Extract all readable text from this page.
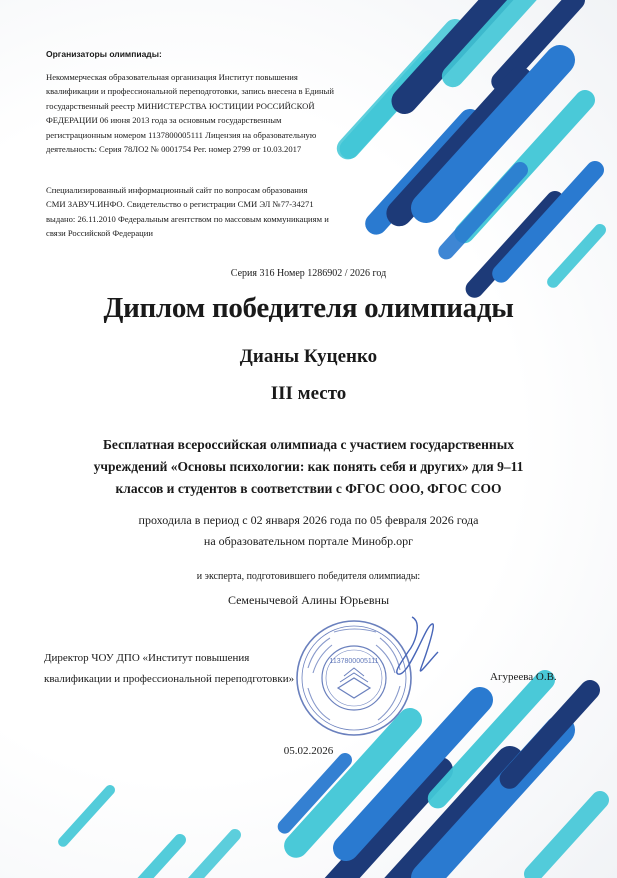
Организаторы олимпиады:
Некоммерческая образовательная организация Институт повышения
квалификации и профессиональной переподготовки, запись внесена в Единый
государственный реестр МИНИСТЕРСТВА ЮСТИЦИИ РОССИЙСКОЙ
ФЕДЕРАЦИИ 06 июня 2013 года за основным государственным
регистрационным номером 1137800005111 Лицензия на образовательную
деятельность: Серия 78ЛО2 № 0001754 Рег. номер 2799 от 10.03.2017
Специализированный информационный сайт по вопросам образования
СМИ ЗАВУЧ.ИНФО. Свидетельство о регистрации СМИ ЭЛ №77-34271
выдано: 26.11.2010 Федеральным агентством по массовым коммуникациям и
связи Российской Федерации
Серия 316 Номер 1286902 / 2026 год
Диплом победителя олимпиады
Дианы Куценко
III место
Бесплатная всероссийская олимпиада с участием государственных
учреждений «Основы психологии: как понять себя и других» для 9–11
классов и студентов в соответствии с ФГОС ООО, ФГОС СОО
проходила в период с 02 января 2026 года по 05 февраля 2026 года
на образовательном портале Минобр.орг
и эксперта, подготовившего победителя олимпиады:
Семенычевой Алины Юрьевны
Директор ЧОУ ДПО «Институт повышения
квалификации и профессиональной переподготовки»	Агуреева О.В.
1137800005111
05.02.2026
